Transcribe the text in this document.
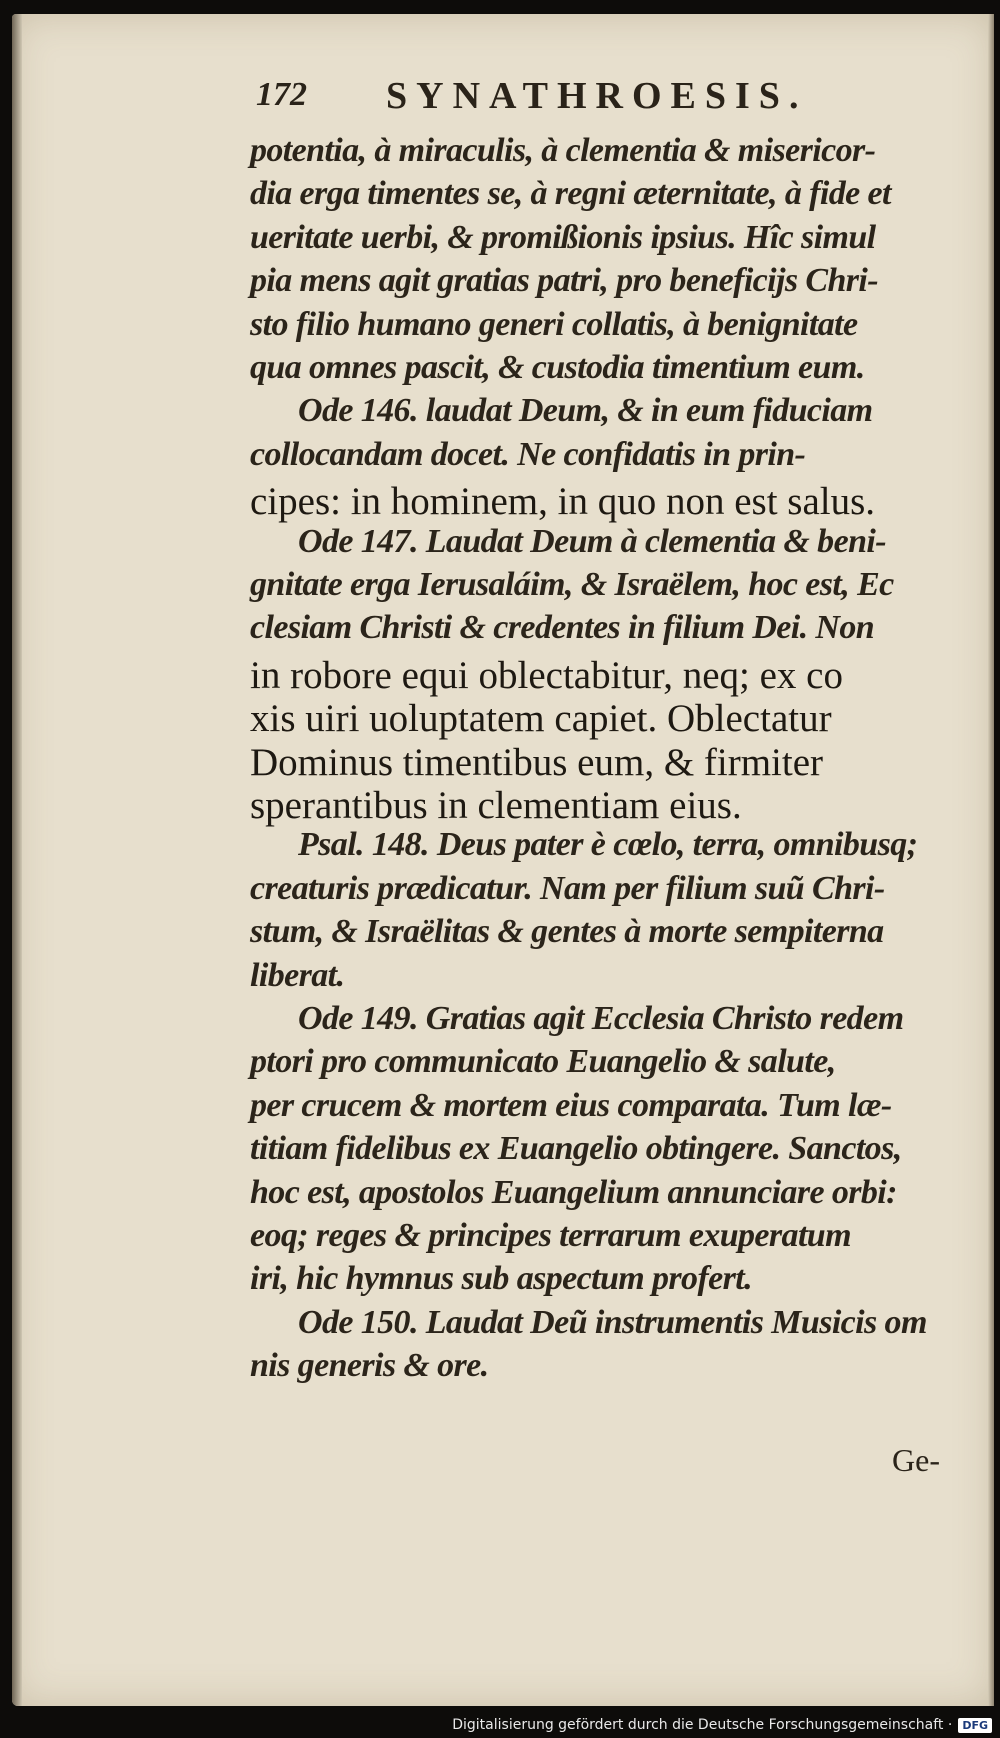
172 SYNATHROESIS.
potentia, à miraculis, à clementia & misericor-
dia erga timentes se, à regni æternitate, à fide et
ueritate uerbi, & promißionis ipsius. Hîc simul
pia mens agit gratias patri, pro beneficijs Chri-
sto filio humano generi collatis, à benignitate
qua omnes pascit, & custodia timentium eum.
Ode 146. laudat Deum, & in eum fiduciam
collocandam docet. Ne confidatis in prin-
cipes: in hominem, in quo non est salus.
Ode 147. Laudat Deum à clementia & beni-
gnitate erga Ierusaláim, & Israëlem, hoc est, Ec
clesiam Christi & credentes in filium Dei. Non
in robore equi oblectabitur, neq; ex co
xis uiri uoluptatem capiet. Oblectatur
Dominus timentibus eum, & firmiter
sperantibus in clementiam eius.
Psal. 148. Deus pater è cœlo, terra, omnibusq;
creaturis prædicatur. Nam per filium suũ Chri-
stum, & Israëlitas & gentes à morte sempiterna
liberat.
Ode 149. Gratias agit Ecclesia Christo redem
ptori pro communicato Euangelio & salute,
per crucem & mortem eius comparata. Tum læ-
titiam fidelibus ex Euangelio obtingere. Sanctos,
hoc est, apostolos Euangelium annunciare orbi:
eoq; reges & principes terrarum exuperatum
iri, hic hymnus sub aspectum profert.
Ode 150. Laudat Deũ instrumentis Musicis om
nis generis & ore.
Ge-
Digitalisierung gefördert durch die Deutsche Forschungsgemeinschaft · DFG
